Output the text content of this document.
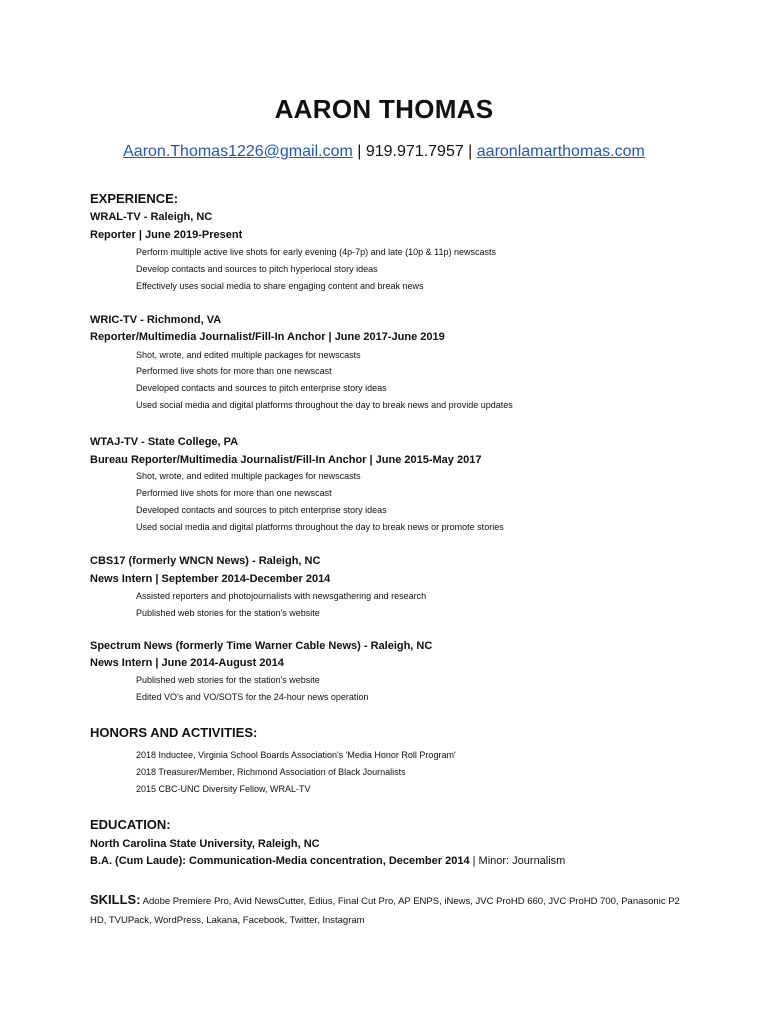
AARON THOMAS
Aaron.Thomas1226@gmail.com | 919.971.7957 | aaronlamarthomas.com
EXPERIENCE:
WRAL-TV - Raleigh, NC
Reporter | June 2019-Present
Perform multiple active live shots for early evening (4p-7p) and late (10p & 11p) newscasts
Develop contacts and sources to pitch hyperlocal story ideas
Effectively uses social media to share engaging content and break news
WRIC-TV - Richmond, VA
Reporter/Multimedia Journalist/Fill-In Anchor | June 2017-June 2019
Shot, wrote, and edited multiple packages for newscasts
Performed live shots for more than one newscast
Developed contacts and sources to pitch enterprise story ideas
Used social media and digital platforms throughout the day to break news and provide updates
WTAJ-TV - State College, PA
Bureau Reporter/Multimedia Journalist/Fill-In Anchor | June 2015-May 2017
Shot, wrote, and edited multiple packages for newscasts
Performed live shots for more than one newscast
Developed contacts and sources to pitch enterprise story ideas
Used social media and digital platforms throughout the day to break news or promote stories
CBS17 (formerly WNCN News) - Raleigh, NC
News Intern | September 2014-December 2014
Assisted reporters and photojournalists with newsgathering and research
Published web stories for the station's website
Spectrum News (formerly Time Warner Cable News) - Raleigh, NC
News Intern | June 2014-August 2014
Published web stories for the station's website
Edited VO's and VO/SOTS for the 24-hour news operation
HONORS AND ACTIVITIES:
2018 Inductee, Virginia School Boards Association's 'Media Honor Roll Program'
2018 Treasurer/Member, Richmond Association of Black Journalists
2015 CBC-UNC Diversity Fellow, WRAL-TV
EDUCATION:
North Carolina State University, Raleigh, NC
B.A. (Cum Laude): Communication-Media concentration, December 2014 | Minor: Journalism
SKILLS: Adobe Premiere Pro, Avid NewsCutter, Edius, Final Cut Pro, AP ENPS, iNews, JVC ProHD 660, JVC ProHD 700, Panasonic P2 HD, TVUPack, WordPress, Lakana, Facebook, Twitter, Instagram
